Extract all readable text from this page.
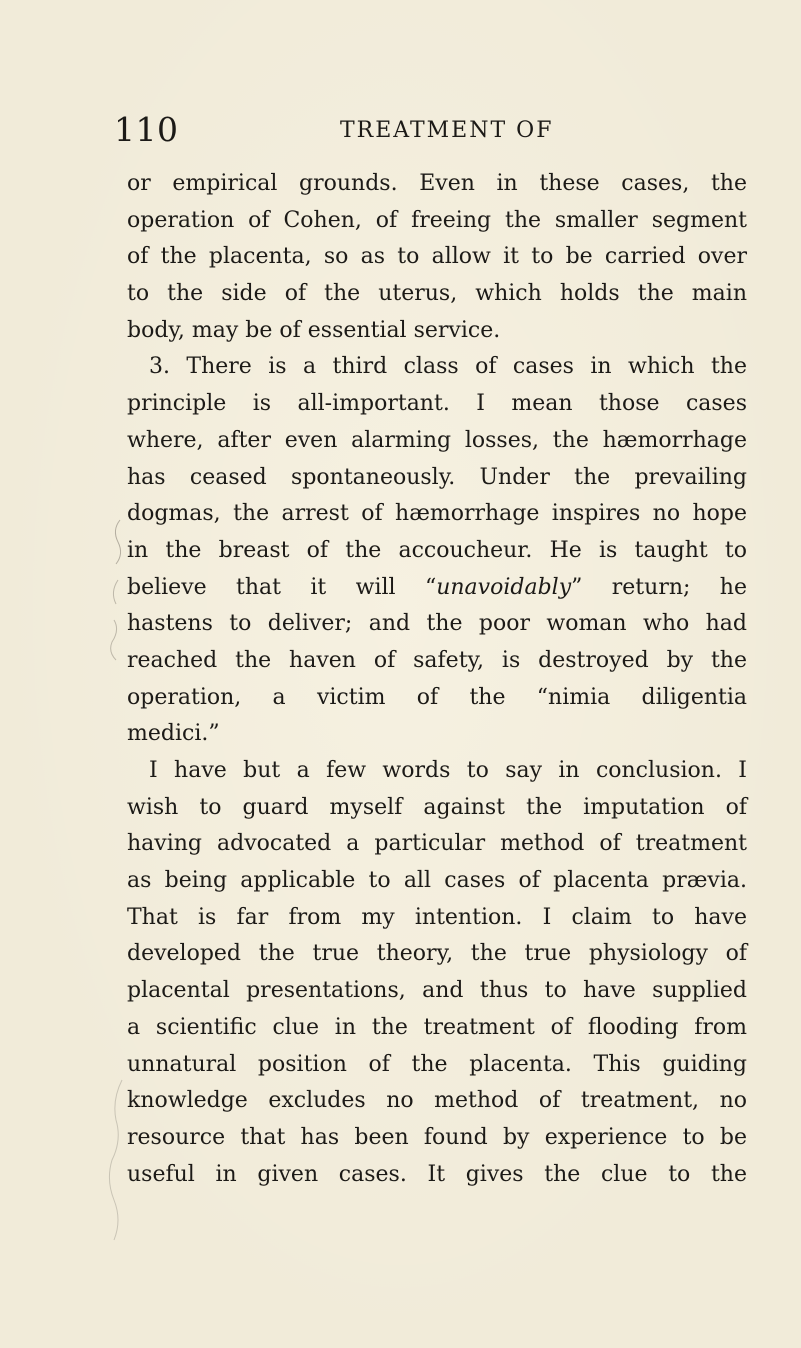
110	TREATMENT OF
or empirical grounds. Even in these cases, the
operation of Cohen, of freeing the smaller segment
of the placenta, so as to allow it to be carried over
to the side of the uterus, which holds the main
body, may be of essential service.
3. There is a third class of cases in which the
principle is all-important. I mean those cases
where, after even alarming losses, the hæmorrhage
has ceased spontaneously. Under the prevailing
dogmas, the arrest of hæmorrhage inspires no hope
in the breast of the accoucheur. He is taught to
believe that it will “unavoidably” return; he
hastens to deliver; and the poor woman who had
reached the haven of safety, is destroyed by the
operation, a victim of the “nimia diligentia
medici.”
I have but a few words to say in conclusion. I
wish to guard myself against the imputation of
having advocated a particular method of treatment
as being applicable to all cases of placenta prævia.
That is far from my intention. I claim to have
developed the true theory, the true physiology of
placental presentations, and thus to have supplied
a scientific clue in the treatment of flooding from
unnatural position of the placenta. This guiding
knowledge excludes no method of treatment, no
resource that has been found by experience to be
useful in given cases. It gives the clue to the
